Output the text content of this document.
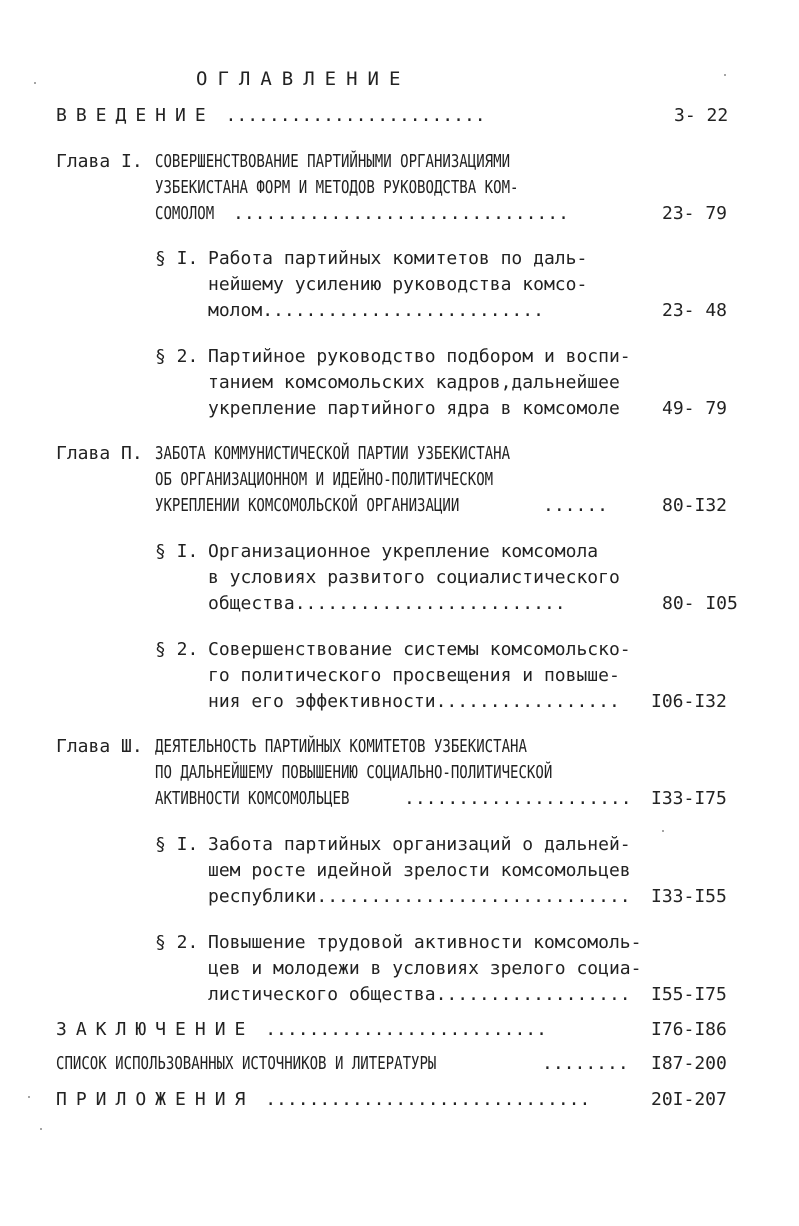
ОГЛАВЛЕНИЕ
ВВЕДЕНИЕ ........................	3- 22
Глава I. СОВЕРШЕНСТВОВАНИЕ ПАРТИЙНЫМИ ОРГАНИЗАЦИЯМИ
УЗБЕКИСТАНА ФОРМ И МЕТОДОВ РУКОВОДСТВА КОМ-
СОМОЛОМ ...............................	23- 79
§ I. Работа партийных комитетов по даль-
нейшему усилению руководства комсо-
молом..........................	23- 48
§ 2. Партийное руководство подбором и воспи-
танием комсомольских кадров,дальнейшее
укрепление партийного ядра в комсомоле 49- 79
Глава П. ЗАБОТА КОММУНИСТИЧЕСКОЙ ПАРТИИ УЗБЕКИСТАНА
ОБ ОРГАНИЗАЦИОННОМ И ИДЕЙНО-ПОЛИТИЧЕСКОМ
УКРЕПЛЕНИИ КОМСОМОЛЬСКОЙ ОРГАНИЗАЦИИ	......	80-I32
§ I. Организационное укрепление комсомола
в условиях развитого социалистического
общества.........................	80- I05
§ 2. Совершенствование системы комсомольско-
го политического просвещения и повыше-
ния его эффективности................. I06-I32
Глава Ш. ДЕЯТЕЛЬНОСТЬ ПАРТИЙНЫХ КОМИТЕТОВ УЗБЕКИСТАНА
ПО ДАЛЬНЕЙШЕМУ ПОВЫШЕНИЮ СОЦИАЛЬНО-ПОЛИТИЧЕСКОЙ
АКТИВНОСТИ КОМСОМОЛЬЦЕВ	..................... I33-I75
§ I. Забота партийных организаций о дальней-
шем росте идейной зрелости комсомольцев
республики............................. I33-I55
§ 2. Повышение трудовой активности комсомоль-
цев и молодежи в условиях зрелого социа-
листического общества.................. I55-I75
ЗАКЛЮЧЕНИЕ ..........................	I76-I86
СПИСОК ИСПОЛЬЗОВАННЫХ ИСТОЧНИКОВ И ЛИТЕРАТУРЫ	........ I87-200
ПРИЛОЖЕНИЯ ..............................	20I-207
